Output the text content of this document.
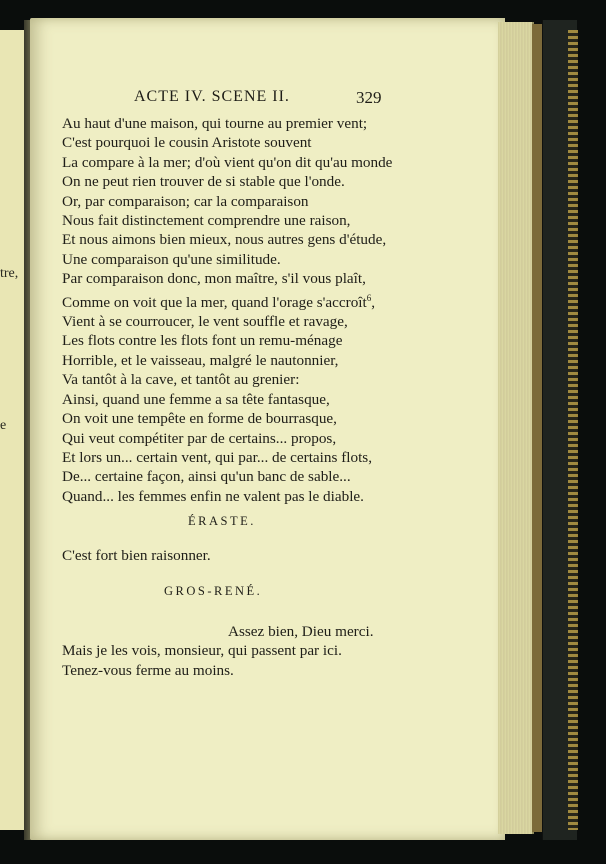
tre,
e
ACTE IV. SCENE II.	329
Au haut d'une maison, qui tourne au premier vent;
C'est pourquoi le cousin Aristote souvent
La compare à la mer; d'où vient qu'on dit qu'au monde
On ne peut rien trouver de si stable que l'onde.
Or, par comparaison; car la comparaison
Nous fait distinctement comprendre une raison,
Et nous aimons bien mieux, nous autres gens d'étude,
Une comparaison qu'une similitude.
Par comparaison donc, mon maître, s'il vous plaît,
Comme on voit que la mer, quand l'orage s'accroît$^6$,
Vient à se courroucer, le vent souffle et ravage,
Les flots contre les flots font un remu-ménage
Horrible, et le vaisseau, malgré le nautonnier,
Va tantôt à la cave, et tantôt au grenier:
Ainsi, quand une femme a sa tête fantasque,
On voit une tempête en forme de bourrasque,
Qui veut compétiter par de certains... propos,
Et lors un... certain vent, qui par... de certains flots,
De... certaine façon, ainsi qu'un banc de sable...
Quand... les femmes enfin ne valent pas le diable.
ÉRASTE.
C'est fort bien raisonner.
GROS-RENÉ.
Assez bien, Dieu merci.
Mais je les vois, monsieur, qui passent par ici.
Tenez-vous ferme au moins.
